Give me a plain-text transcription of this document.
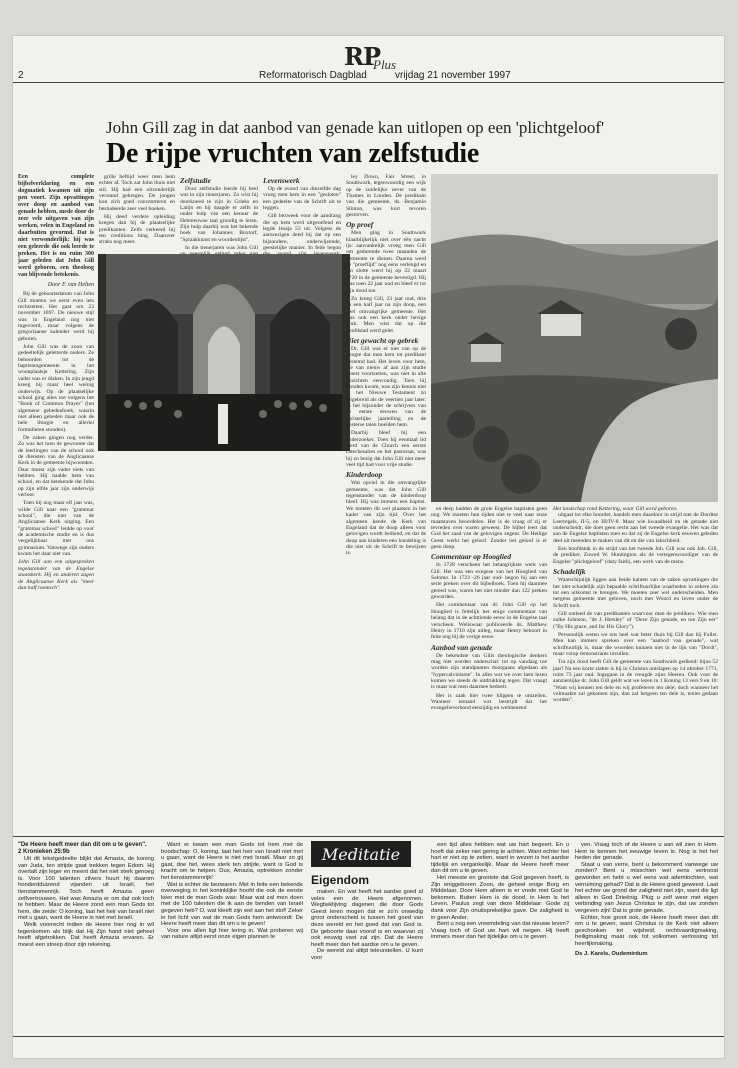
RP
Plus
2	Reformatorisch Dagblad	vrijdag 21 november 1997
John Gill zag in dat aanbod van genade kan uitlopen op een 'plichtgeloof'
De rijpe vruchten van zelfstudie
Een complete bijbelverklaring en een dogmatiek kwamen uit zijn pen voort. Zijn opvattingen over doop en aanbod van genade hebben, mede door de zeer vele uitgaven van zijn werken, velen in Engeland en daarbuiten gevormd. Dat is niet verwonderlijk: hij was een geleerde die ook leerde te preken. Het is nu ruim 300 jaar geleden dat John Gill werd geboren, een theoloog van blijvende betekenis.
Door F. van Helten

Bij de geboortedatum van John Gill moeten we eerst even iets rechtzetten. Het gaat om 23 november 1697. De nieuwe stijl was in Engeland nog niet ingevoerd, maar volgens de gregoriaanse kalender werd hij geboren.

John Gill was de zoon van gedeeltelijk geletterde ouders. Ze behoorden tot de baptistengemeente in het woonplaatsje Kettering. Zijn vader was er diaken. In zijn jeugd kreeg hij maar heel weinig onderwijs. Op de plaatselijke school ging alles toe volgens het "Book of Common Prayer" (het algemene gebedenboek, waarin niet alleen gebeden maar ook de hele liturgie en allerlei formulieren stonden).

De zaken gingen nog verder. Zo was het toen de gewoonte dat de leerlingen van de school ook de diensten van de Anglicaanse Kerk in de gemeente bijwoonden. Daar moest zijn vader niets van hebben. Hij haalde hem van school, en dat betekende dat John op zijn elfde jaar zijn onderwijs verloor.

Toen hij nog maar elf jaar was, wilde Gill naar een "grammar school", die niet van de Anglicaanse Kerk uitging. Een "grammar school" leidde op voor de academische studie en is dus vergelijkbaar met ons gymnasium. Vanwege zijn ouders kwam het daar niet van.

John Gill aan een uitgesproken tegenstander van de Engelse staatskerk. Hij en anderen zagen de Anglicaanse Kerk als "meer dan half roomsch".

grille heftijd weer men hem echter af. Toch zat John thuis niet stil. Hij had een uitzonderlijk verstand gekregen. De jongen kon zich goed concentreren en bestudeerde zeer veel boeken.

Hij deed verdere opleiding kregen dan bij de plaatselijke predikanten. Zelfs verkeerd hij ten creditions hing. Daarover straks nog meer.

Zelfstudie

Door zelfstudie leerde hij heel wat in zijn tienerjaren. Zo wist hij doorkneed te zijn in Grieks en Latijn en hij daagde er zelfs in onder hulp van een kenner de Hebreeuwse taal grondig te leren. Zijn hulp daarbij was het bekende boek van Johannes Buxtorf, "Spraakkunst en woordenlijst".

In die tienerjaren was John Gill

Levenswerk

Op de avond van diezelfde dag vroeg men hem in een "gesloten" een gedeelte van de Schrift uit te leggen.

Gill bezweek voor de aandrang die op hem werd uitgeoefend en legde Jesaja 53 uit. Volgens de aanwezigen deed hij dat op een bijzondere, onderwijzende, geestelijke manier. In feite begon

ley Down, Fair Street, in Southwark, tegenwoordig een wijk op de zuidelijke oever van de Thames in Londen. De predikant van die gemeente, ds. Benjamin Stinton, was kort tevoren gestorven.

Op proef

Men ging in Southwark klaarblijkelijk niet over één nacht ijs: aanvankelijk vroeg men Gill om gedurende twee maanden de gemeente te dienen. Daarna werd de "proeftijd" nog eens verlengd en ten slotte werd hij op 22 maart 1720 in de gemeente bevestigd. Hij was toen 22 jaar oud en bleef er tot zijn dood toe.

Zo kreeg Gill, 23 jaar oud, drie en een half jaar na zijn doop, een heel omvangrijke gemeente. Het was ook een kerk onder hevige druk. Men wist dat op die hoofdstad werd gelet.

Niet gewacht op gebrek

Dr. Gill was er niet van op de hoogte dat men hem tot predikant bestemd had. Het leven voor hem, die van nieuw af aan zijn studie moest voortzetten, was niet in alle opzichten eenvoudig. Toen hij Londen kwam, was zijn kennis niet in het Nieuwe Testament zo uitgebreid als de veertien jaar later. In het bijzonder de schrijvers van de eerste eeuwen van de christelijke jaartelling en de oosterse talen boeiden hem.

Daarbij bleef hij een onderzoeker. Toen hij eenmaal lid werd van de Church een eerste catechesaties en het pastoraat, was hij zo bezig dat John Gill niet meer veel tijd had voor vrije studie.

Kinderdoop

Wat opviel in die omvangrijke gemeente, was dat John Gill tegenstander van de kinderdoop bleef. Hij was immers een baptist. We moeten dit wel plaatsen in het kader van zijn tijd. Over het algemeen kende de Kerk van Engeland dat de doop alleen voor gelovigen wordt bediend, en dat de doop aan kinderen een handeling is die niet uit de Schrift te bewijzen is.

en deep hadden de grote Engelse baptisten geen oog. We moeten hun tijden niet te veel naar onze maatstaven beoordelen. Het is de vraag of zij er tevreden over waren geweest. De bijbel leert dat God het zaad van de gelovigen zegent. De Heilige Geest werkt het geloof. Zonder het geloof is er geen doop.

Commentaar op Hooglied

In 1728 verscheen het belangrijkste werk van Gill. Het was een exegese van het Hooglied van Salomo. In 1723 -26 jaar oud- begon hij aan een serie preken over dit bijbelboek. Toen hij daarmee gereed was, waren het niet minder dan 122 preken geworden.

Het commentaar van dr. John Gill op het Hooglied is feitelijk het enige commentaar van belang dat in de achttiende eeuw in de Engelse taal verscheen. Weliswaar publiceerde ds. Matthew Henry in 1710 zijn uitleg, maar Henry behoort in feite nog bij de vorige eeuw.

Aanbod van genade

De bekendste van Gills theologische denkers mag niet worden onderschat: tot op vandaag toe worden zijn standpunten doorgaans afgedaan als "hypercalvinisme". In alles wat we over hem lezen komen we steeds de uitdrukking tegen. Dat vraagt is maar wat men daarmee bedoelt.

Het is zaak hier twee klippen te omzeilen. Wanneer iemand wat bestrijdt dat het evangelieverbond eenzijdig en welmenend

Het landschap rond Kettering, waar Gill werd geboren.

uitgaat tot elke hoorder, handelt men daardoor in strijd met de Dordtse Leerregels, II-5, en III/IV-8. Maar wie kwaadheid en de genade niet onderscheidt, die doet geen recht aan het tweede evangelie. Het was dat aan de Engelse baptisten toen en dat zij de Engelse kerk eeuwen geleden deel uit meenden te maken van dit en die van lakschheid.

Een hoofdstuk in de strijd van het tweede Joh. Gill was ook Joh. Gill, de prediker, Zuwed W. Huntington als de vertegenwoordiger van de Engelse "plichtgeloof" (duty faith), een werk van de mens.

Schadelijk

Waarschijnlijk liggen aan beide kanten van de zaken opvattingen die het niet schadelijk zijn bepaalde schriftuurlijke waarheden in zekere zin tot een uitkomst te brengen. We moeten zeer wel onderscheiden. Men nergens gemeente met geloven, noch met Woord en leven onder de Schrift toch.

Gill ontleed de van predikanten waarvoor men de predikers. Wie men zulke Johnson, "de J. Hersley" of "Deze Zijn genade, en toe Zijn eer" ("By His grace, and for His Glory").

Persoonlijk weten we ons heel wat beter thuis bij Gill dan bij Fuller. Men kan immers spreken over een "aanbod van genade", wat schriftuurlijk is, maar die woorden kunnen niet in de lijn van "Dordt", maar volop remonstrants invullen.

Tot zijn dood heeft Gill de gemeente van Southwark gediend: bijna 52 jaar! Na een korte ziekte is hij in Christus ontslapen op 14 oktober 1771, ruim 73 jaar oud. Ingegaan in de vreugde zijns Heeren. Ook voor de aanzienlijke dr. John Gill geldt wat we lezen in 1 Koning 13 vers 9 en 10: "Want wij kennen ten dele en wij profeteren ten dele; doch wanneer het volmaakte zal gekomen zijn, dan zal hetgeen ten dele is, teniet gedaan worden".

Meditatie
Eigendom
"De Heere heeft meer dan dit om u te geven".
2 Kronieken 25:9b

Uit dit tekstgedeelte blijkt dat Amazia, de koning van Juda, ten strijde gaat trekken tegen Edom. Hij overtalt zijn leger en meent dat het niet sterk genoeg is. Voor 100 talenten zilvers huurt hij daarom honderdduizend vijanden uit Israël, het tienstammenrijk. Toch heeft Amazia geen zelfvertrouwen. Het was Amazia er om dat ook toch te hebben. Maar de Heere zond een man Gods tot hem, die zeide: O koning, laat het heir van Israël niet met u gaan, want de Heere is niet met Israël.

Welk voorrecht indien de Heere hier nog in wil tegenkomen als blijk dat Hij Zijn hand niet geheel heeft afgetrokken. Dat heeft Amazia ervaren. Er moest een streep door zijn rekening.

Want er kwam een man Gods tot hem met de boodschap: O, koning, laat het heir van Israël niet met u gaan, want de Heere is niet met Israël. Maar zo gij gaat, doe het, wees sterk ten strijde, want is God is kracht om te helpen. Dus, Amazia, optrekken zonder het tienstammenrijk!

Wat is echter de bezwaren. Met in feite een bekende overweging in het koninklijke hoofd die ook de eerste keer met de man Gods was: Maar wat zal men doen met de 100 talenten die ik aan de benden van Israël gegeven heb? O, wat kleeft zijn wel aan het stof! Zeker in het licht van wat de man Gods hem antwoordt: De Heere heeft meer dan dit om u te geven!

Voor ons allen ligt hier lering in. Wat proberen wij van nature altijd eerst onze eigen plannen te

maken. En wat heeft het aardse goed al veles een de Heere afgenomen. Wegbeklijving dagenen die door Gods Geest leren mogen dat er zo'n onwedig groot onderscheid is tussen het goed van deze wereld en het goed dat van God is. De geboorte daar vooraf is en waarvan zij ook eeuwig vast zal zijn. Dat de Heere heeft meer dan het aardse om u te geven.

De wereld zal altijd teleurstellen. U kunt voor

een tijd alles hebben wat uw hart begeert. En u hoeft dat zeker niet gering te achten. Want echter het hart er niet op te zetten, want in wezen is het aardse tijdelijk en vergankelijk. Maar de Heere heeft meer dan dit om u te geven.

Het meeste en grootste dat God gegeven heeft, is Zijn eniggeboren Zoon, de geheel enige Borg en Middelaar. Door Hem alleen is er vrede met God te bekomen. Buiten Hem is de dood, in Hem is het Leven. Paulus zegt van deze Middelaar: Gode zij dank voor Zijn onuitsprekelijke gave. De zaligheid is in geen Ander.

Bent u nog een vreemdeling van dat nieuwe leven? Vraag toch of God uw hart wil neigen. Hij heeft immers meer dan het tijdelijke om u te geven.

ven. Vraag toch of de Heere u aan wil zien in Hem. Hem te kennen het eeuwige leven is. Nog is het het heden der genade.

Staat u van verre, bent u bekommerd vanwege uw zonden? Bent u misschien wel eens vertroost geworden en hebt u wel eens wat ademtochten, wat verruiming gehad? Dat is de Heere goed geweest. Laat het echter uw grond der zaligheid niet zijn, want die ligt alleen in God Drieënig. Plug u zelf weer met eigen verbinding van Jezus Christus te zijn, dat uw zonden vergeven zijn! Dat is grote genade.

Echter, hoe groot ook, de Heere heeft meer dan dit om u te geven, want Christus is de Kerk niet alleen geschonken tot wijsheid, rechtvaardigmaking, heiligmaking maar ook tot volkomen verlossing tot heerlijkmaking.

Ds J. Karels, Oudemirdum
